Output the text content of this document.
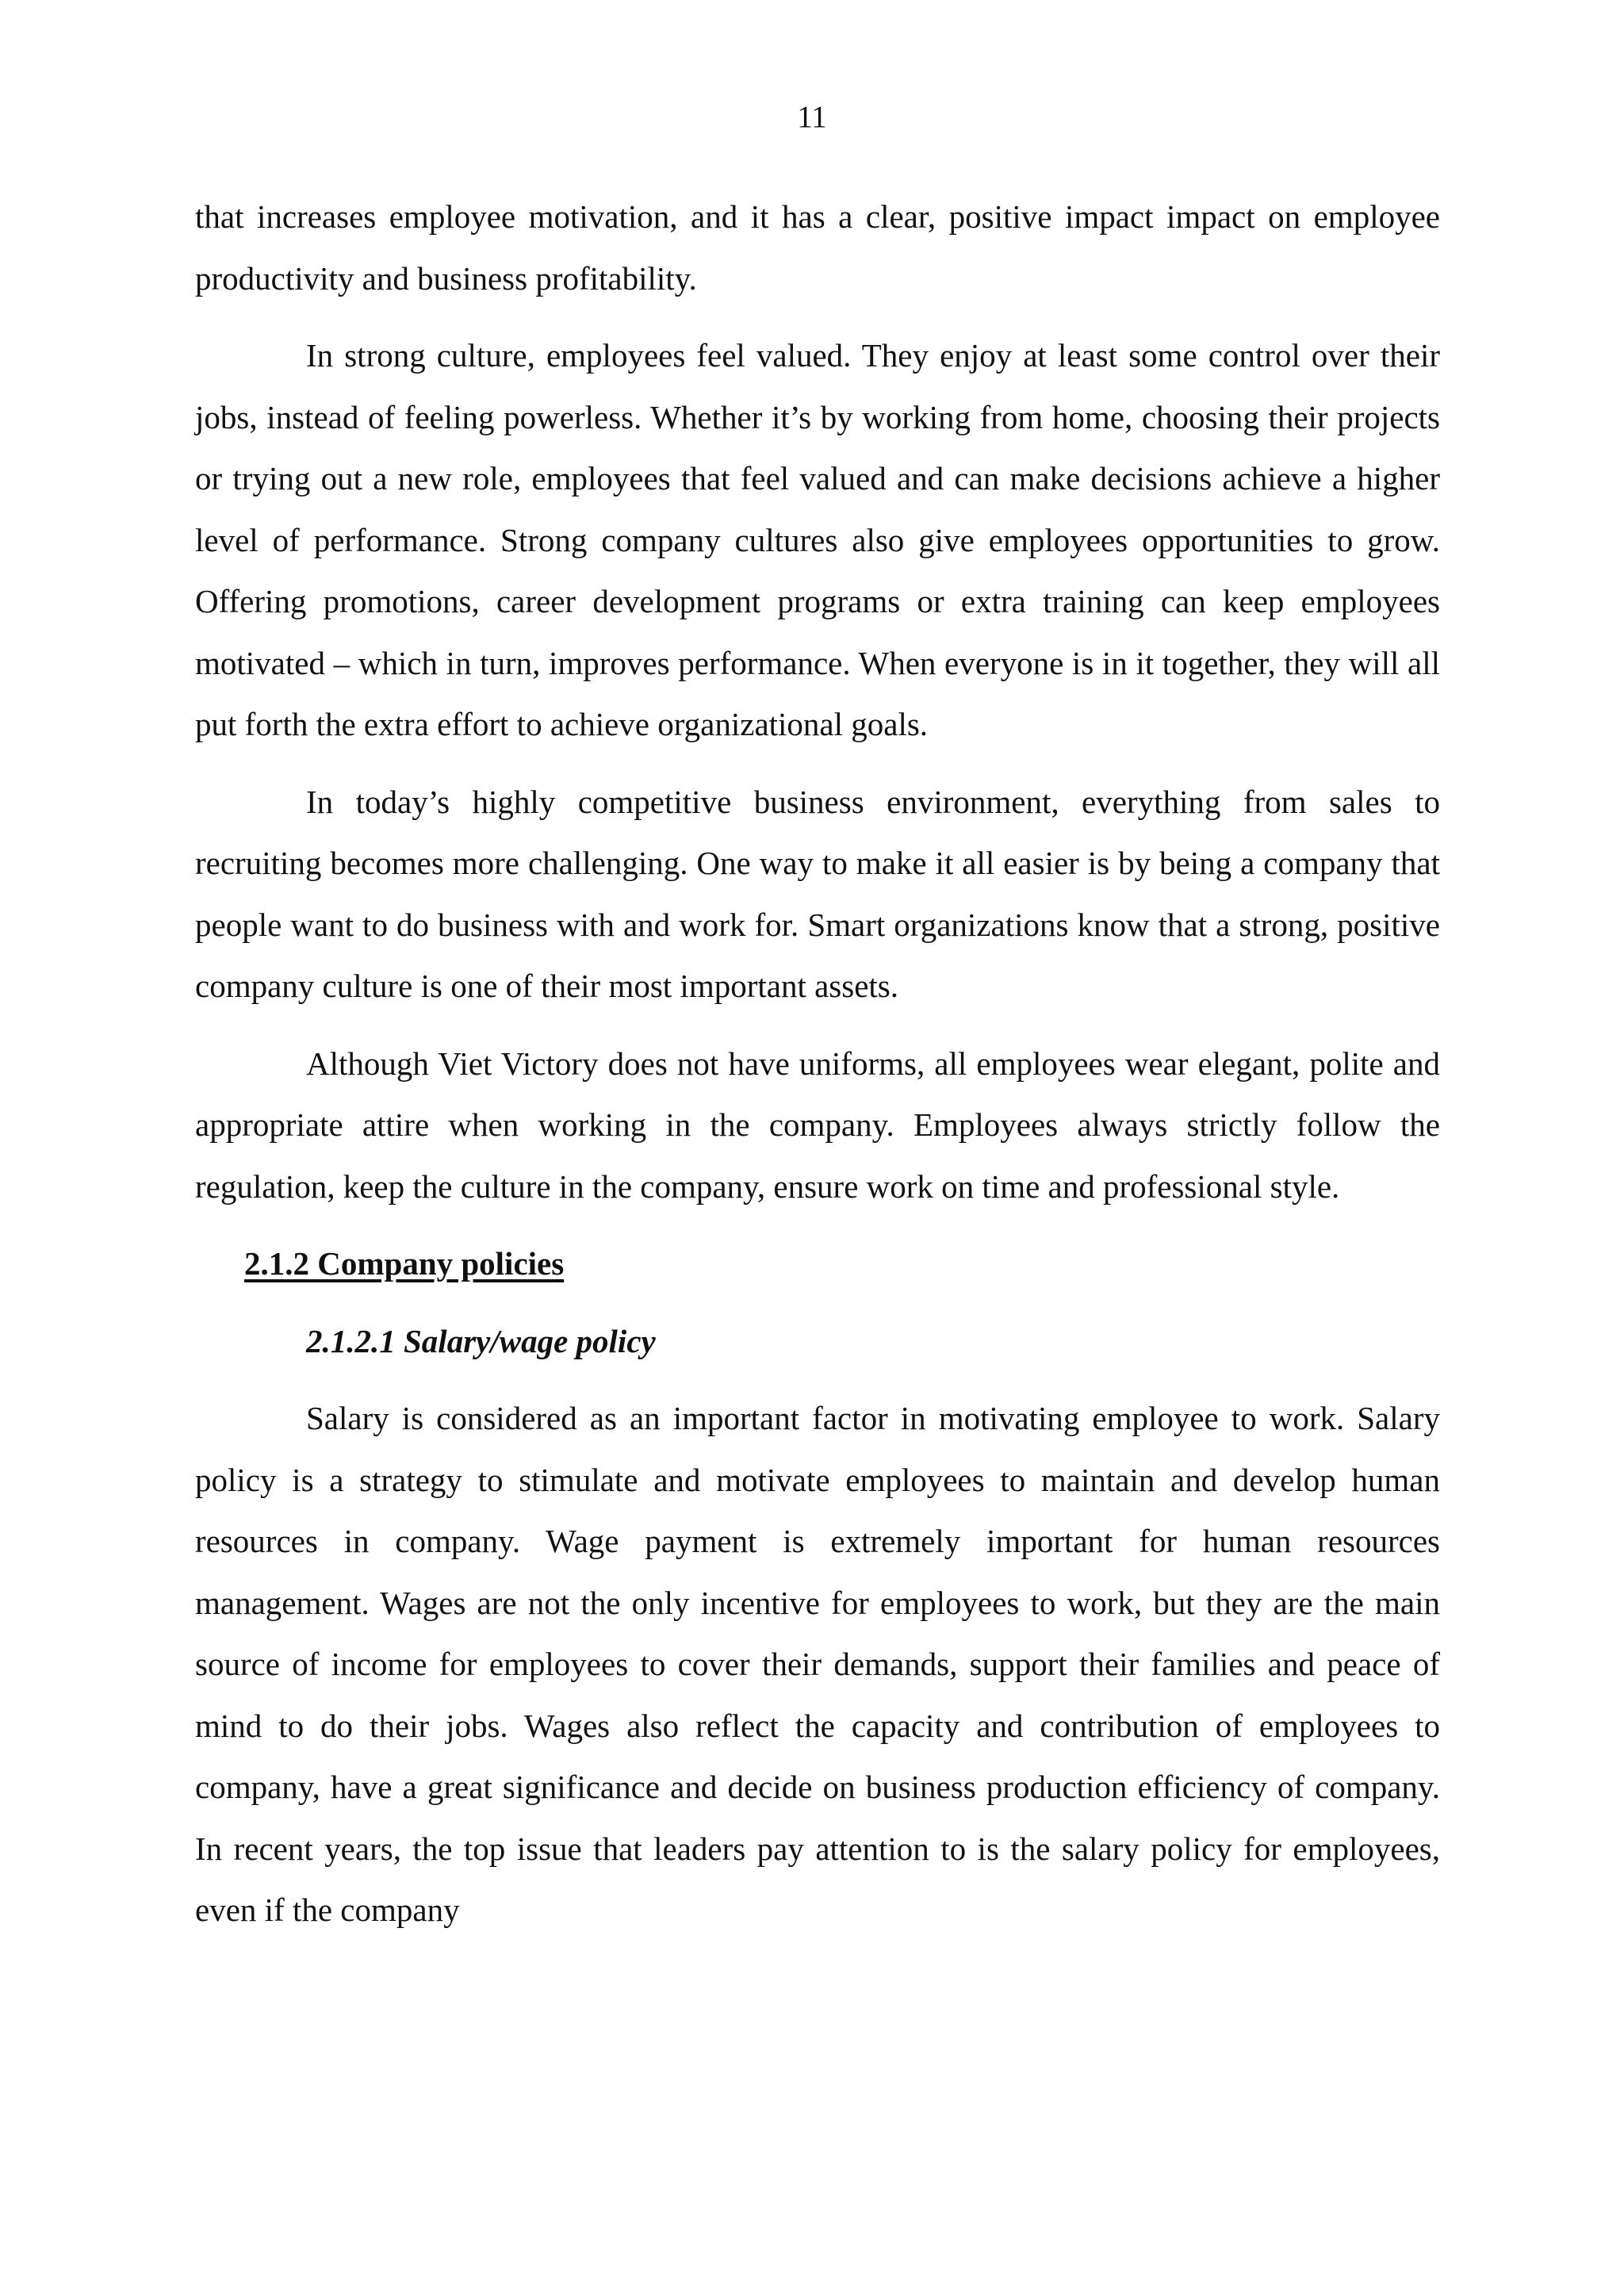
11

that increases employee motivation, and it has a clear, positive impact impact on employee productivity and business profitability.

In strong culture, employees feel valued. They enjoy at least some control over their jobs, instead of feeling powerless. Whether it’s by working from home, choosing their projects or trying out a new role, employees that feel valued and can make decisions achieve a higher level of performance. Strong company cultures also give employees opportunities to grow. Offering promotions, career development programs or extra training can keep employees motivated – which in turn, improves performance. When everyone is in it together, they will all put forth the extra effort to achieve organizational goals.

In today’s highly competitive business environment, everything from sales to recruiting becomes more challenging. One way to make it all easier is by being a company that people want to do business with and work for. Smart organizations know that a strong, positive company culture is one of their most important assets.

Although Viet Victory does not have uniforms, all employees wear elegant, polite and appropriate attire when working in the company. Employees always strictly follow the regulation, keep the culture in the company, ensure work on time and professional style.

2.1.2 Company policies
2.1.2.1 Salary/wage policy

Salary is considered as an important factor in motivating employee to work. Salary policy is a strategy to stimulate and motivate employees to maintain and develop human resources in company. Wage payment is extremely important for human resources management. Wages are not the only incentive for employees to work, but they are the main source of income for employees to cover their demands, support their families and peace of mind to do their jobs. Wages also reflect the capacity and contribution of employees to company, have a great significance and decide on business production efficiency of company. In recent years, the top issue that leaders pay attention to is the salary policy for employees, even if the company
